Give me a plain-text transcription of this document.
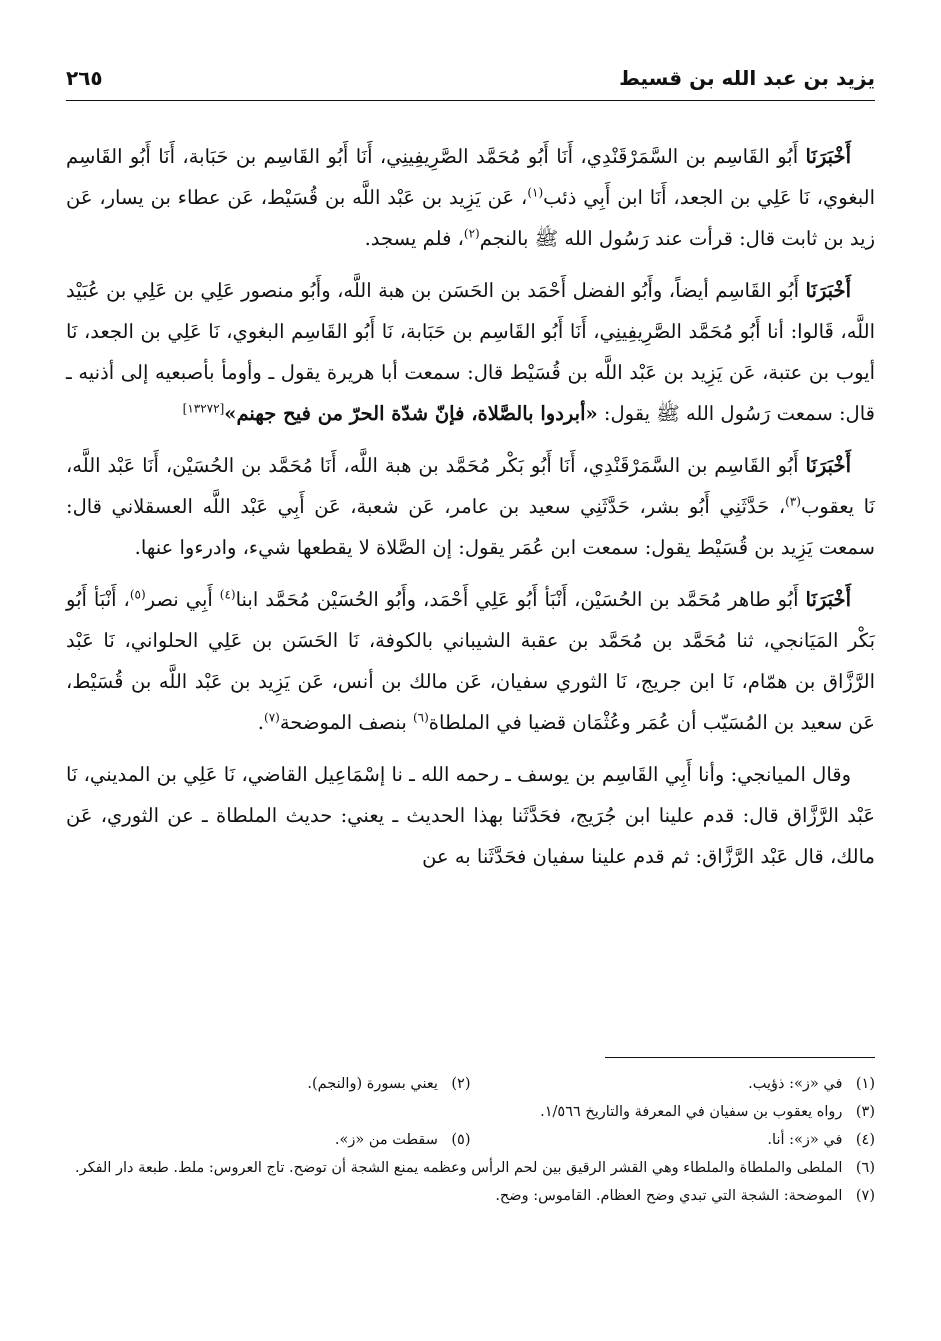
يزيد بن عبد الله بن قسيط
٢٦٥

أَخْبَرَنَا أَبُو القَاسِم بن السَّمَرْقَنْدِي، أَنَا أَبُو مُحَمَّد الصَّرِيفِينِي، أَنَا أَبُو القَاسِم بن حَبَابة، أَنَا أَبُو القَاسِم البغوي، نَا عَلِي بن الجعد، أَنَا ابن أَبِي ذئب$^{(١)}$، عَن يَزِيد بن عَبْد اللَّه بن قُسَيْط، عَن عطاء بن يسار، عَن زيد بن ثابت قال: قرأت عند رَسُول الله ﷺ بالنجم$^{(٢)}$، فلم يسجد.

أَخْبَرَنَا أَبُو القَاسِم أيضاً، وأَبُو الفضل أَحْمَد بن الحَسَن بن هبة اللَّه، وأَبُو منصور عَلِي بن عَلِي بن عُبَيْد اللَّه، قَالوا: أنا أَبُو مُحَمَّد الصَّرِيفِينِي، أَنَا أَبُو القَاسِم بن حَبَابة، نَا أَبُو القَاسِم البغوي، نَا عَلِي بن الجعد، نَا أيوب بن عتبة، عَن يَزِيد بن عَبْد اللَّه بن قُسَيْط قال: سمعت أبا هريرة يقول ـ وأومأ بأصبعيه إلى أذنيه ـ قال: سمعت رَسُول الله ﷺ يقول: «أبردوا بالصَّلاة، فإنّ شدّة الحرّ من فيح جهنم»[١٣٢٧٢]

أَخْبَرَنَا أَبُو القَاسِم بن السَّمَرْقَنْدِي، أَنَا أَبُو بَكْر مُحَمَّد بن هبة اللَّه، أَنَا مُحَمَّد بن الحُسَيْن، أَنَا عَبْد اللَّه، نَا يعقوب$^{(٣)}$، حَدَّثَنِي أَبُو بشر، حَدَّثَنِي سعيد بن عامر، عَن شعبة، عَن أَبِي عَبْد اللَّه العسقلاني قال: سمعت يَزِيد بن قُسَيْط يقول: سمعت ابن عُمَر يقول: إن الصَّلاة لا يقطعها شيء، وادرءوا عنها.

أَخْبَرَنَا أَبُو طاهر مُحَمَّد بن الحُسَيْن، أَنْبَأ أَبُو عَلِي أَحْمَد، وأَبُو الحُسَيْن مُحَمَّد ابنا$^{(٤)}$ أَبِي نصر$^{(٥)}$، أَنْبَأ أَبُو بَكْر المَيَانجي، ثنا مُحَمَّد بن مُحَمَّد بن عقبة الشيباني بالكوفة، نَا الحَسَن بن عَلِي الحلواني، نَا عَبْد الرَّزَّاق بن همّام، نَا ابن جريج، نَا الثوري سفيان، عَن مالك بن أنس، عَن يَزِيد بن عَبْد اللَّه بن قُسَيْط، عَن سعيد بن المُسَيّب أن عُمَر وعُثْمَان قضيا في الملطاة$^{(٦)}$ بنصف الموضحة$^{(٧)}$.

وقال الميانجي: وأنا أَبِي القَاسِم بن يوسف ـ رحمه الله ـ نا إسْمَاعِيل القاضي، نَا عَلِي بن المديني، نَا عَبْد الرَّزَّاق قال: قدم علينا ابن جُرَيج، فحَدَّثَنا بهذا الحديث ـ يعني: حديث الملطاة ـ عن الثوري، عَن مالك، قال عَبْد الرَّزَّاق: ثم قدم علينا سفيان فحَدَّثَنا به عن

(١) في «ز»: ذؤيب.
(٢) يعني بسورة (والنجم).
(٣) رواه يعقوب بن سفيان في المعرفة والتاريخ ١/٥٦٦.
(٤) في «ز»: أنا.
(٥) سقطت من «ز».
(٦) الملطى والملطاة والملطاء وهي القشر الرقيق بين لحم الرأس وعظمه يمنع الشجة أن توضح. تاج العروس: ملط. طبعة دار الفكر.
(٧) الموضحة: الشجة التي تبدي وضح العظام. القاموس: وضح.
